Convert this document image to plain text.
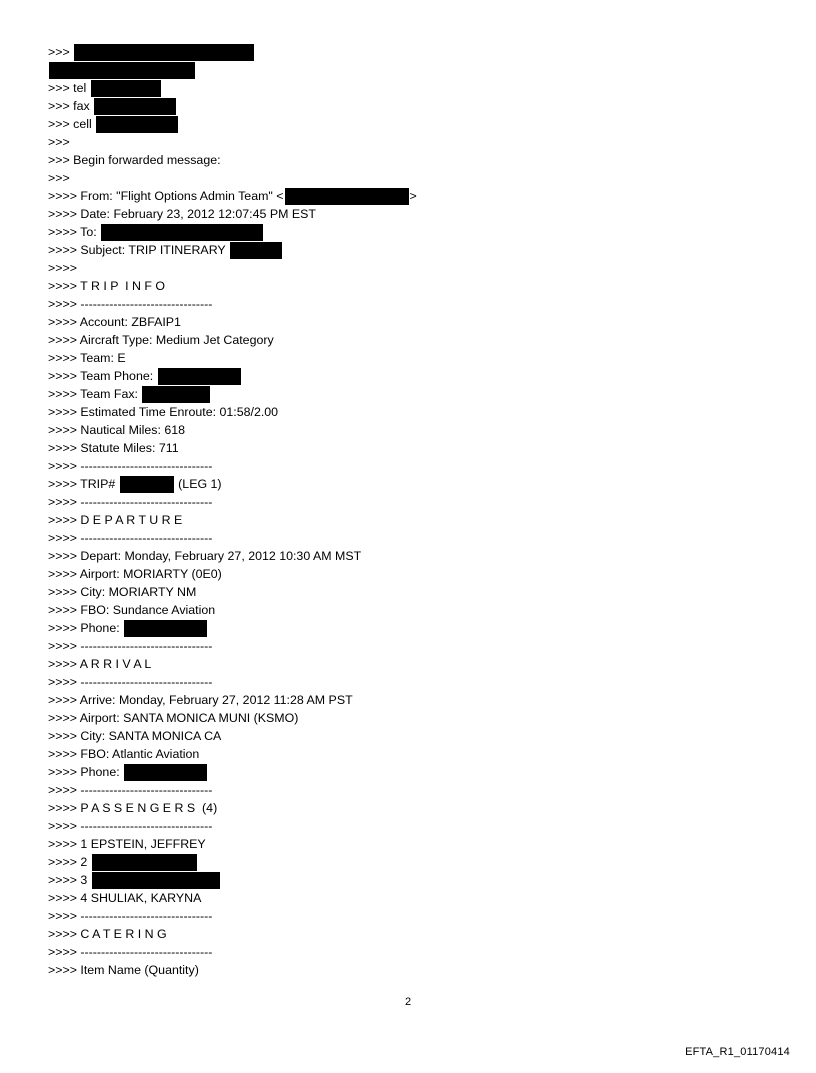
>>>
>>> tel
>>> fax
>>> cell
>>>
>>> Begin forwarded message:
>>>
>>>> From: "Flight Options Admin Team" <	>
>>>> Date: February 23, 2012 12:07:45 PM EST
>>>> To:
>>>> Subject: TRIP ITINERARY
>>>>
>>>> T R I P  I N F O
>>>> --------------------------------
>>>> Account: ZBFAIP1
>>>> Aircraft Type: Medium Jet Category
>>>> Team: E
>>>> Team Phone:
>>>> Team Fax:
>>>> Estimated Time Enroute: 01:58/2.00
>>>> Nautical Miles: 618
>>>> Statute Miles: 711
>>>> --------------------------------
>>>> TRIP#	(LEG 1)
>>>> --------------------------------
>>>> D E P A R T U R E
>>>> --------------------------------
>>>> Depart: Monday, February 27, 2012 10:30 AM MST
>>>> Airport: MORIARTY (0E0)
>>>> City: MORIARTY NM
>>>> FBO: Sundance Aviation
>>>> Phone:
>>>> --------------------------------
>>>> A R R I V A L
>>>> --------------------------------
>>>> Arrive: Monday, February 27, 2012 11:28 AM PST
>>>> Airport: SANTA MONICA MUNI (KSMO)
>>>> City: SANTA MONICA CA
>>>> FBO: Atlantic Aviation
>>>> Phone:
>>>> --------------------------------
>>>> P A S S E N G E R S  (4)
>>>> --------------------------------
>>>> 1 EPSTEIN, JEFFREY
>>>> 2
>>>> 3
>>>> 4 SHULIAK, KARYNA
>>>> --------------------------------
>>>> C A T E R I N G
>>>> --------------------------------
>>>> Item Name (Quantity)
2
EFTA_R1_01170414
